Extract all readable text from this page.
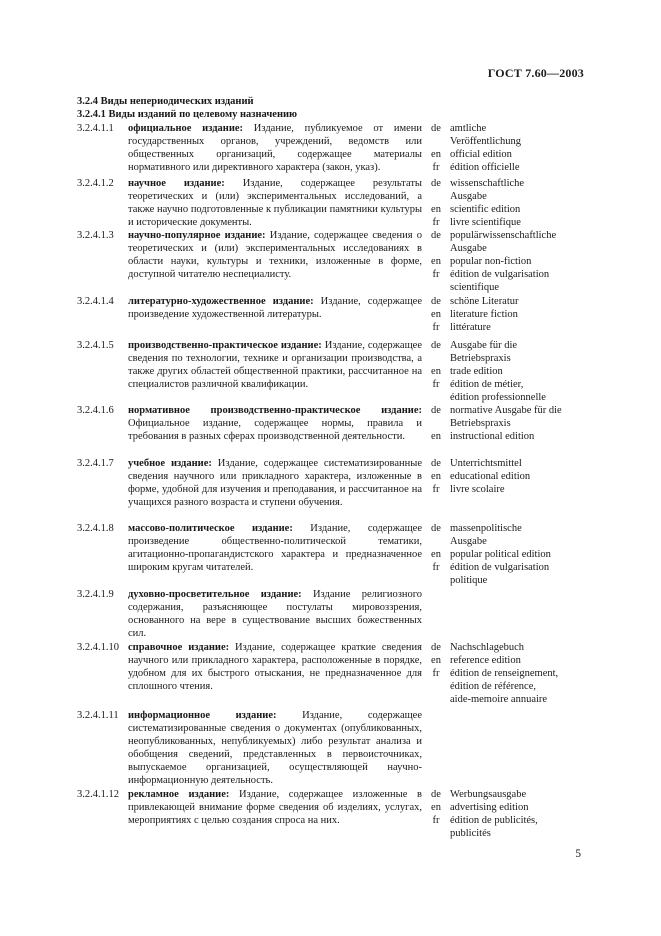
ГОСТ 7.60—2003
3.2.4 Виды непериодических изданий
3.2.4.1 Виды изданий по целевому назначению
3.2.4.1.1 официальное издание: Издание, публикуемое от имени государственных органов, учреждений, ведомств или общественных организаций, содержащее материалы нормативного или директивного характера (закон, указ).
de amtliche
Veröffentlichung
en official edition
fr	édition officielle
3.2.4.1.2 научное издание: Издание, содержащее результаты теоретических и (или) экспериментальных исследований, а также научно подготовленные к публикации памятники культуры и исторические документы.
de wissenschaftliche
Ausgabe
en scientific edition
fr	livre scientifique
3.2.4.1.3 научно-популярное издание: Издание, содержащее сведения о теоретических и (или) экспериментальных исследованиях в области науки, культуры и техники, изложенные в форме, доступной читателю неспециалисту.
de populärwissenschaftliche
Ausgabe
en popular non-fiction
fr	édition de vulgarisation
scientifique
3.2.4.1.4 литературно-художественное издание: Издание, содержащее произведение художественной литературы.
de schöne Literatur
en literature fiction
fr	littérature
3.2.4.1.5 производственно-практическое издание: Издание, содержащее сведения по технологии, технике и организации производства, а также других областей общественной практики, рассчитанное на специалистов различной квалификации.
de Ausgabe für die
Betriebspraxis
en trade edition
fr	édition de métier,
édition professionnelle
3.2.4.1.6 нормативное производственно-практическое издание: Официальное издание, содержащее нормы, правила и требования в разных сферах производственной деятельности.
de normative Ausgabe für die
Betriebspraxis
en instructional edition
3.2.4.1.7 учебное издание: Издание, содержащее систематизированные сведения научного или прикладного характера, изложенные в форме, удобной для изучения и преподавания, и рассчитанное на учащихся разного возраста и ступени обучения.
de Unterrichtsmittel
en educational edition
fr	livre scolaire
3.2.4.1.8 массово-политическое издание: Издание, содержащее произведение общественно-политической тематики, агитационно-пропагандистского характера и предназначенное широким кругам читателей.
de massenpolitische
Ausgabe
en popular political edition
fr	édition de vulgarisation
politique
3.2.4.1.9 духовно-просветительное издание: Издание религиозного содержания, разъясняющее постулаты мировоззрения, основанного на вере в существование высших божественных сил.
3.2.4.1.10 справочное издание: Издание, содержащее краткие сведения научного или прикладного характера, расположенные в порядке, удобном для их быстрого отыскания, не предназначенное для сплошного чтения.
de Nachschlagebuch
en reference edition
fr	édition de renseignement,
édition de référence,
aide-memoire annuaire
3.2.4.1.11 информационное издание: Издание, содержащее систематизированные сведения о документах (опубликованных, неопубликованных, непубликуемых) либо результат анализа и обобщения сведений, представленных в первоисточниках, выпускаемое организацией, осуществляющей научно-информационную деятельность.
3.2.4.1.12 рекламное издание: Издание, содержащее изложенные в привлекающей внимание форме сведения об изделиях, услугах, мероприятиях с целью создания спроса на них.
de Werbungsausgabe
en advertising edition
fr	édition de publicités,
publicités
5
